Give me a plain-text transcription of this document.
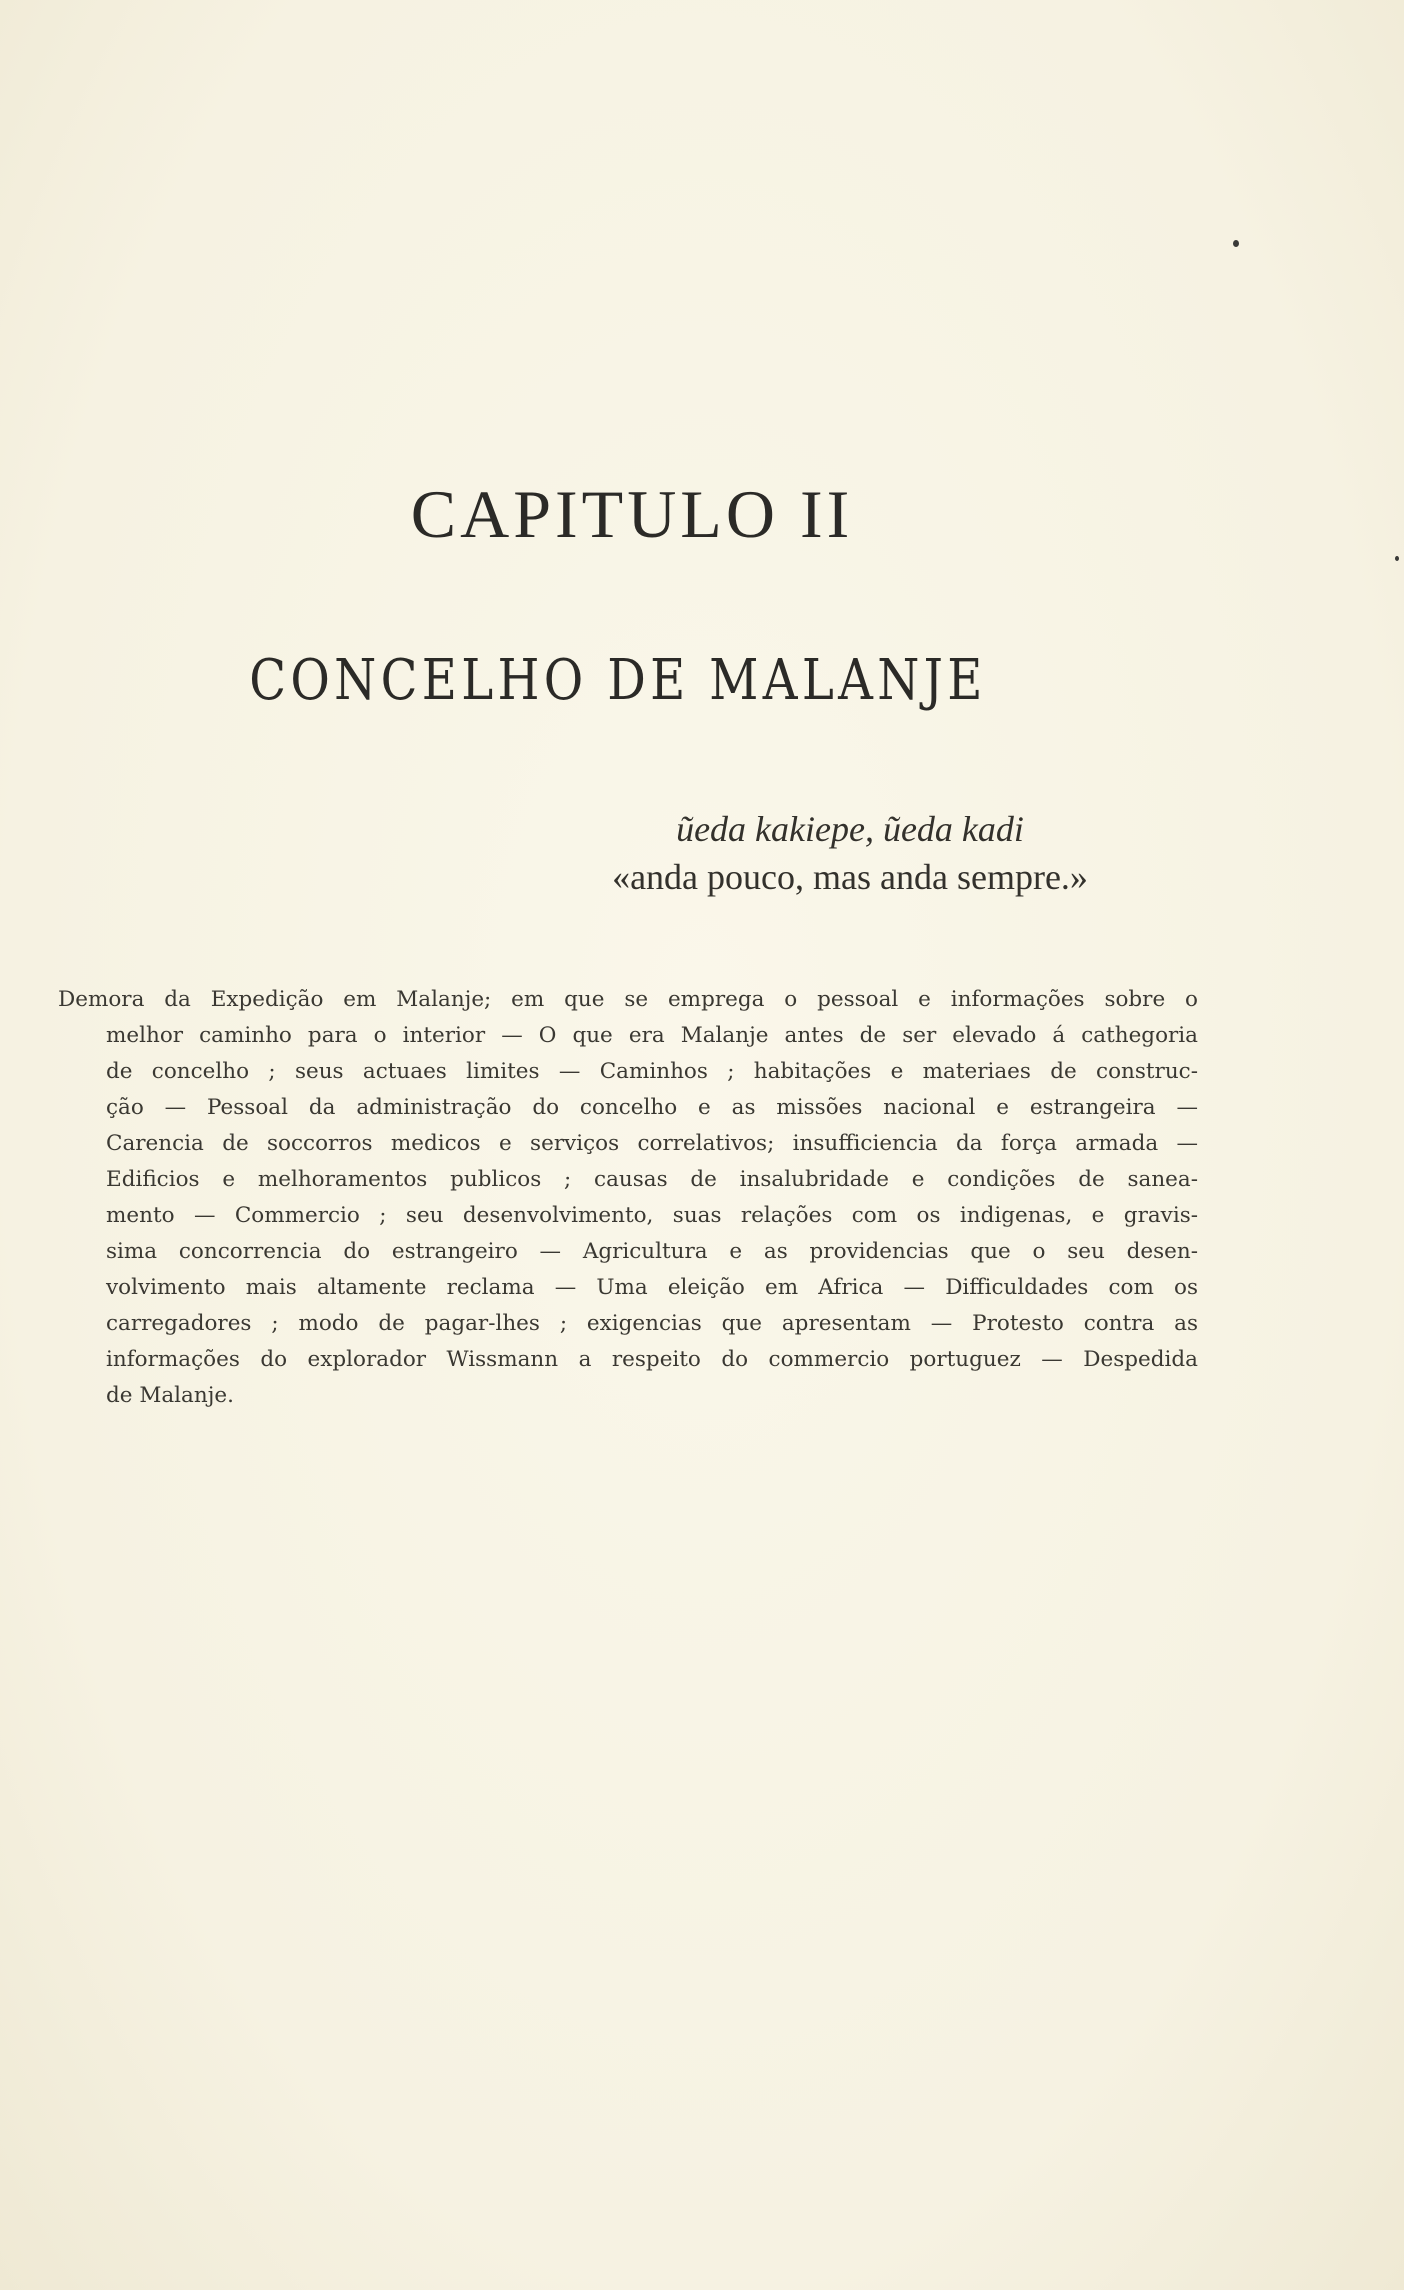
CAPITULO II
CONCELHO DE MALANJE
ũeda kakiepe, ũeda kadi
«anda pouco, mas anda sempre.»
Demora da Expedição em Malanje; em que se emprega o pessoal e informações sobre o
melhor caminho para o interior — O que era Malanje antes de ser elevado á cathegoria
de concelho ; seus actuaes limites — Caminhos ; habitações e materiaes de construc-
ção — Pessoal da administração do concelho e as missões nacional e estrangeira —
Carencia de soccorros medicos e serviços correlativos; insufficiencia da força armada —
Edificios e melhoramentos publicos ; causas de insalubridade e condições de sanea-
mento — Commercio ; seu desenvolvimento, suas relações com os indigenas, e gravis-
sima concorrencia do estrangeiro — Agricultura e as providencias que o seu desen-
volvimento mais altamente reclama — Uma eleição em Africa — Difficuldades com os
carregadores ; modo de pagar-lhes ; exigencias que apresentam — Protesto contra as
informações do explorador Wissmann a respeito do commercio portuguez — Despedida
de Malanje.
